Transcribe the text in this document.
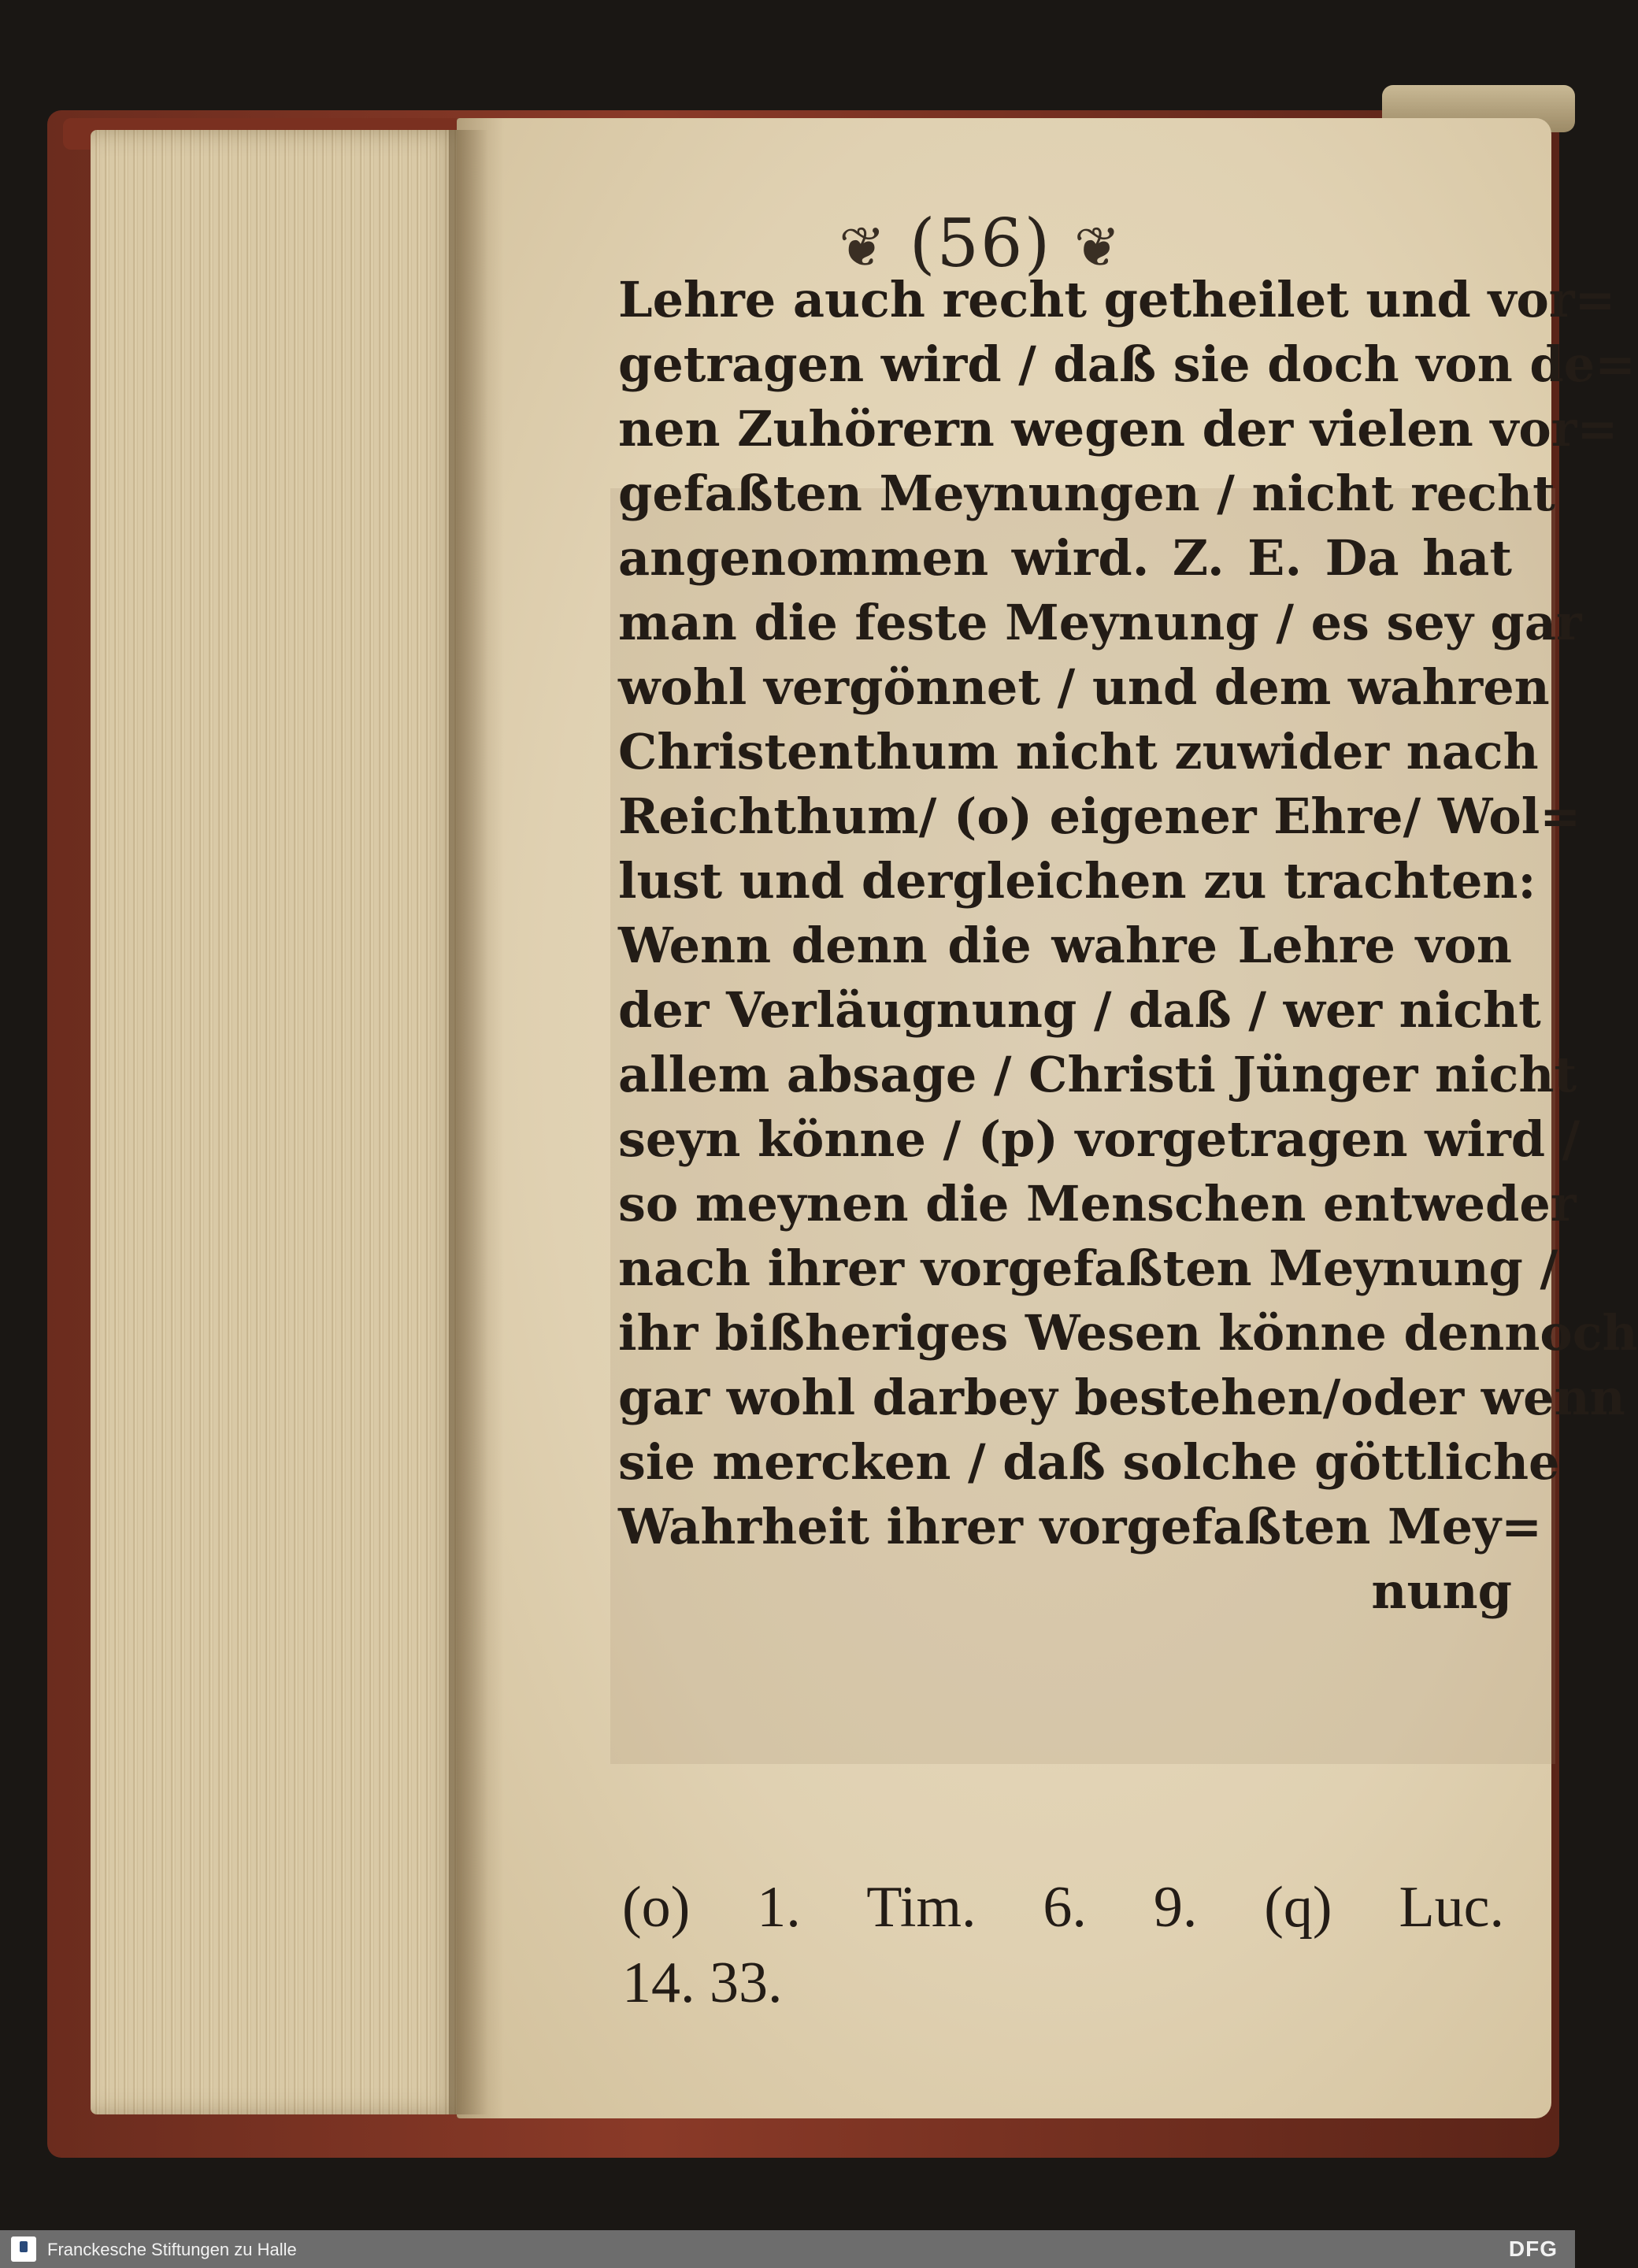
❦ (56) ❦
Lehre auch recht getheilet und vor=
getragen wird / daß sie doch von de=
nen Zuhörern wegen der vielen vor=
gefaßten Meynungen / nicht recht
angenommen wird. Z. E. Da hat
man die feste Meynung / es sey gar
wohl vergönnet / und dem wahren
Christenthum nicht zuwider nach
Reichthum/ (o) eigener Ehre/ Wol=
lust und dergleichen zu trachten:
Wenn denn die wahre Lehre von
der Verläugnung / daß / wer nicht
allem absage / Christi Jünger nicht
seyn könne / (p) vorgetragen wird /
so meynen die Menschen entweder
nach ihrer vorgefaßten Meynung /
ihr bißheriges Wesen könne dennoch
gar wohl darbey bestehen/oder wenn
sie mercken / daß solche göttliche
Wahrheit ihrer vorgefaßten Mey=
nung
(o) 1. Tim. 6. 9. (q) Luc.
14. 33.
Franckesche Stiftungen zu Halle	DFG
